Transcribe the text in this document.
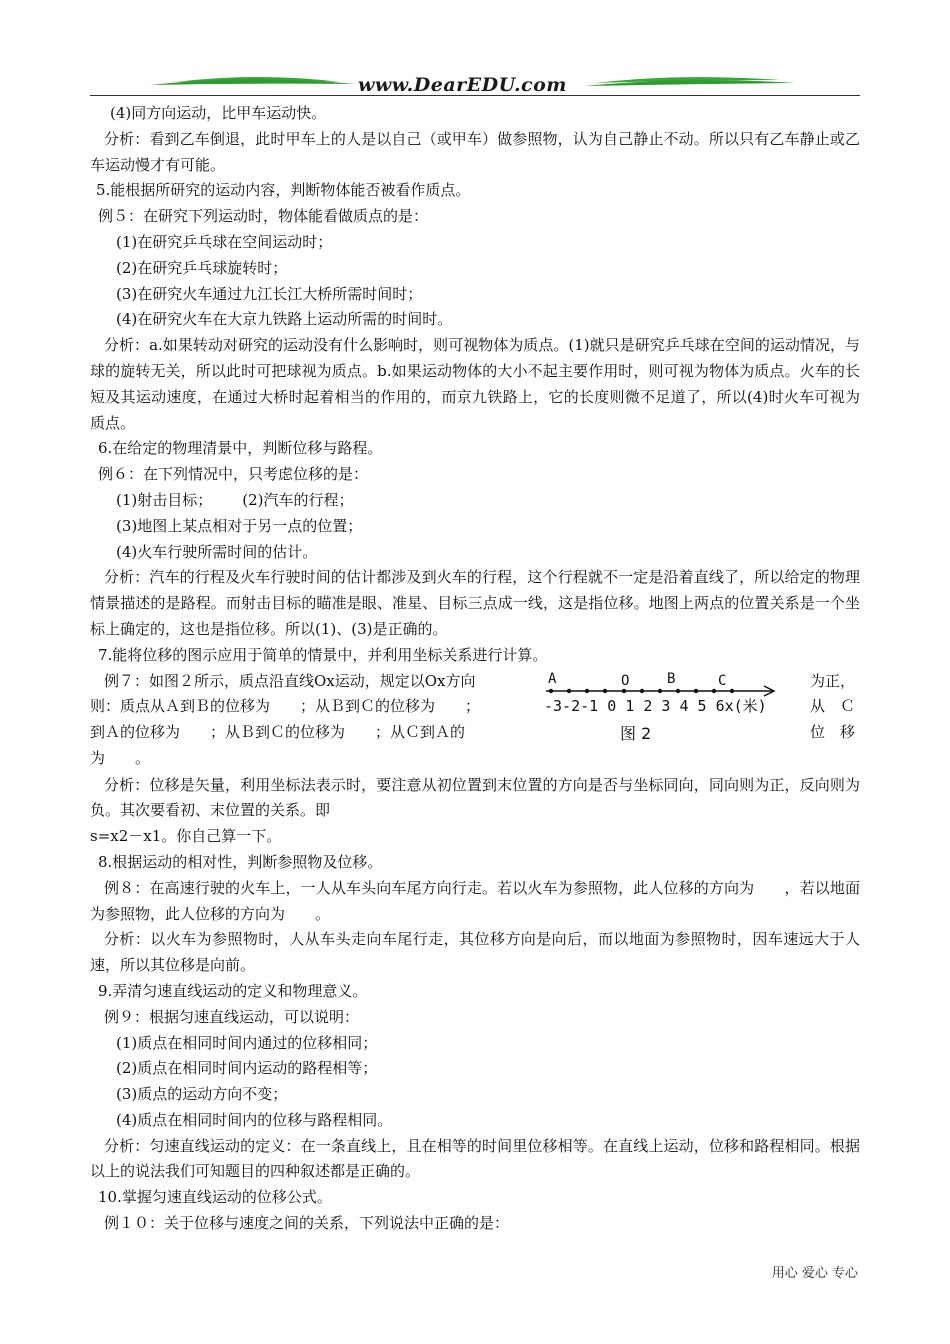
www.DearEDU.com

(4)同方向运动，比甲车运动快。

分析：看到乙车倒退，此时甲车上的人是以自己（或甲车）做参照物，认为自己静止不动。所以只有乙车静止或乙车运动慢才有可能。

5.能根据所研究的运动内容，判断物体能否被看作质点。

例５：在研究下列运动时，物体能看做质点的是：

(1)在研究乒乓球在空间运动时；

(2)在研究乒乓球旋转时；

(3)在研究火车通过九江长江大桥所需时间时；

(4)在研究火车在大京九铁路上运动所需的时间时。

分析：a.如果转动对研究的运动没有什么影响时，则可视物体为质点。(1)就只是研究乒乓球在空间的运动情况，与球的旋转无关，所以此时可把球视为质点。b.如果运动物体的大小不起主要作用时，则可视为物体为质点。火车的长短及其运动速度，在通过大桥时起着相当的作用的，而京九铁路上，它的长度则微不足道了，所以(4)时火车可视为质点。

6.在给定的物理清景中，判断位移与路程。

例６：在下列情况中，只考虑位移的是：

(1)射击目标； (2)汽车的行程；

(3)地图上某点相对于另一点的位置；

(4)火车行驶所需时间的估计。

分析：汽车的行程及火车行驶时间的估计都涉及到火车的行程，这个行程就不一定是沿着直线了，所以给定的物理情景描述的是路程。而射击目标的瞄准是眼、准星、目标三点成一线，这是指位移。地图上两点的位置关系是一个坐标上确定的，这也是指位移。所以(1)、(3)是正确的。

7.能将位移的图示应用于简单的情景中，并利用坐标关系进行计算。

例７：如图２所示，质点沿直线Ox运动，规定以Ox方向

则：质点从Ａ到Ｂ的位移为　　；从Ｂ到Ｃ的位移为　　；

到Ａ的位移为　　；从Ｂ到Ｃ的位移为　　；从Ｃ到Ａ的

为　　。

A	O	B	C
-3-2-1 0 1 2 3 4 5 6x(米)
图 2

为正，

从　Ｃ

位　移

分析：位移是矢量，利用坐标法表示时，要注意从初位置到末位置的方向是否与坐标同向，同向则为正，反向则为负。其次要看初、末位置的关系。即

s=x2－x1。你自己算一下。

8.根据运动的相对性，判断参照物及位移。

例８：在高速行驶的火车上，一人从车头向车尾方向行走。若以火车为参照物，此人位移的方向为　　，若以地面为参照物，此人位移的方向为　　。

分析：以火车为参照物时，人从车头走向车尾行走，其位移方向是向后，而以地面为参照物时，因车速远大于人速，所以其位移是向前。

9.弄清匀速直线运动的定义和物理意义。

例９：根据匀速直线运动，可以说明：

(1)质点在相同时间内通过的位移相同；

(2)质点在相同时间内运动的路程相等；

(3)质点的运动方向不变；

(4)质点在相同时间内的位移与路程相同。

分析：匀速直线运动的定义：在一条直线上，且在相等的时间里位移相等。在直线上运动，位移和路程相同。根据以上的说法我们可知题目的四种叙述都是正确的。

10.掌握匀速直线运动的位移公式。

例１０：关于位移与速度之间的关系，下列说法中正确的是：

用心 爱心 专心
